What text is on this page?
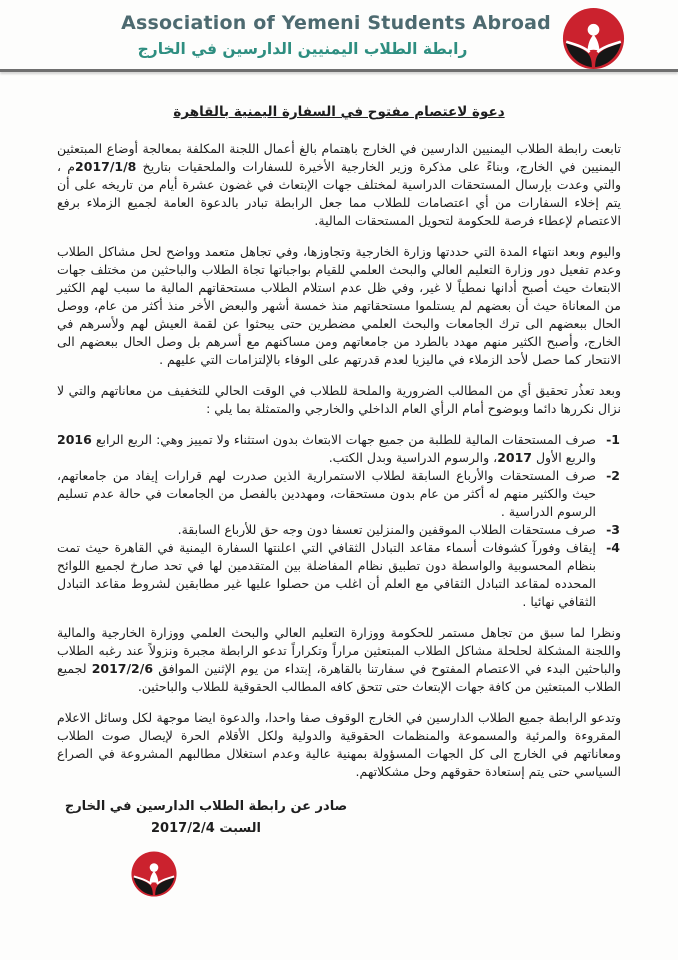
Association of Yemeni Students Abroad
رابطة الطلاب اليمنيين الدارسين في الخارج
دعوة لاعتصام مفتوح في السفارة اليمنية بالقاهرة

تابعت رابطة الطلاب اليمنيين الدارسين في الخارج باهتمام بالغ أعمال اللجنة المكلفة بمعالجة أوضاع المبتعثين اليمنيين في الخارج، وبناءً على مذكرة وزير الخارجية الأخيرة للسفارات والملحقيات بتاريخ 2017/1/8م ، والتي وعدت بإرسال المستحقات الدراسية لمختلف جهات الإبتعاث في غضون عشرة أيام من تاريخه على أن يتم إخلاء السفارات من أي اعتصامات للطلاب مما جعل الرابطة تبادر بالدعوة العامة لجميع الزملاء برفع الاعتصام لإعطاء فرصة للحكومة لتحويل المستحقات المالية.

واليوم وبعد انتهاء المدة التي حددتها وزارة الخارجية وتجاوزها، وفي تجاهل متعمد وواضح لحل مشاكل الطلاب وعدم تفعيل دور وزارة التعليم العالي والبحث العلمي للقيام بواجباتها تجاة الطلاب والباحثين من مختلف جهات الابتعاث حيث أصبح أدانها نمطياً لا غير، وفي ظل عدم استلام الطلاب مستحقاتهم المالية ما سبب لهم الكثير من المعاناة حيث أن بعضهم لم يستلموا مستحقاتهم منذ خمسة أشهر والبعض الأخر منذ أكثر من عام، ووصل الحال ببعضهم الى ترك الجامعات والبحث العلمي مضطرين حتى يبحثوا عن لقمة العيش لهم ولأسرهم في الخارج، وأصبح الكثير منهم مهدد بالطرد من جامعاتهم ومن مساكنهم مع أسرهم بل وصل الحال ببعضهم الى الانتحار كما حصل لأحد الزملاء في ماليزيا لعدم قدرتهم على الوفاء بالإلتزامات التي عليهم .

وبعد تعذُر تحقيق أي من المطالب الضرورية والملحة للطلاب في الوقت الحالي للتخفيف من معاناتهم والتي لا نزال نكررها دائما وبوضوح أمام الرأي العام الداخلي والخارجي والمتمثلة بما يلي :

1-
صرف المستحقات المالية للطلبة من جميع جهات الابتعاث بدون استثناء ولا تمييز وهي: الربع الرابع 2016 والربع الأول 2017، والرسوم الدراسية وبدل الكتب.
2-
صرف المستحقات والأرباع السابقة لطلاب الاستمرارية الذين صدرت لهم قرارات إيفاد من جامعاتهم، حيث والكثير منهم له أكثر من عام بدون مستحقات، ومهددين بالفصل من الجامعات في حالة عدم تسليم الرسوم الدراسية .
3-
صرف مستحقات الطلاب الموقفين والمنزلين تعسفا دون وجه حق للأرباع السابقة.
4-
إيقاف وفورآ كشوفات أسماء مقاعد التبادل الثقافي التي اعلنتها السفارة اليمنية في القاهرة حيث تمت بنظام المحسوبية والواسطة دون تطبيق نظام المفاضلة بين المتقدمين لها في تحد صارخ لجميع اللوائح المحدده لمقاعد التبادل الثقافي مع العلم أن اغلب من حصلوا عليها غير مطابقين لشروط مقاعد التبادل الثقافي نهائيا .

ونظرا لما سبق من تجاهل مستمر للحكومة ووزارة التعليم العالي والبحث العلمي ووزارة الخارجية والمالية واللجنة المشكلة لحلحلة مشاكل الطلاب المبتعثين مراراً وتكراراً تدعو الرابطة مجبرة ونزولاً عند رغبه الطلاب والباحثين البدء في الاعتصام المفتوح في سفارتنا بالقاهرة، إبتداء من يوم الإثنين الموافق 2017/2/6 لجميع الطلاب المبتعثين من كافة جهات الإبتعاث حتى تتحق كافه المطالب الحقوقية للطلاب والباحثين.

وتدعو الرابطة جميع الطلاب الدارسين في الخارج الوقوف صفا واحدا، والدعوة ايضا موجهة لكل وسائل الاعلام المقروءة والمرئية والمسموعة والمنظمات الحقوقية والدولية ولكل الأقلام الحرة لإيصال صوت الطلاب ومعاناتهم في الخارج الى كل الجهات المسؤولة بمهنية عالية وعدم استغلال مطالبهم المشروعة في الصراع السياسي حتى يتم إستعادة حقوقهم وحل مشكلاتهم.

صادر عن رابطة الطلاب الدارسين في الخارج
السبت 2017/2/4
